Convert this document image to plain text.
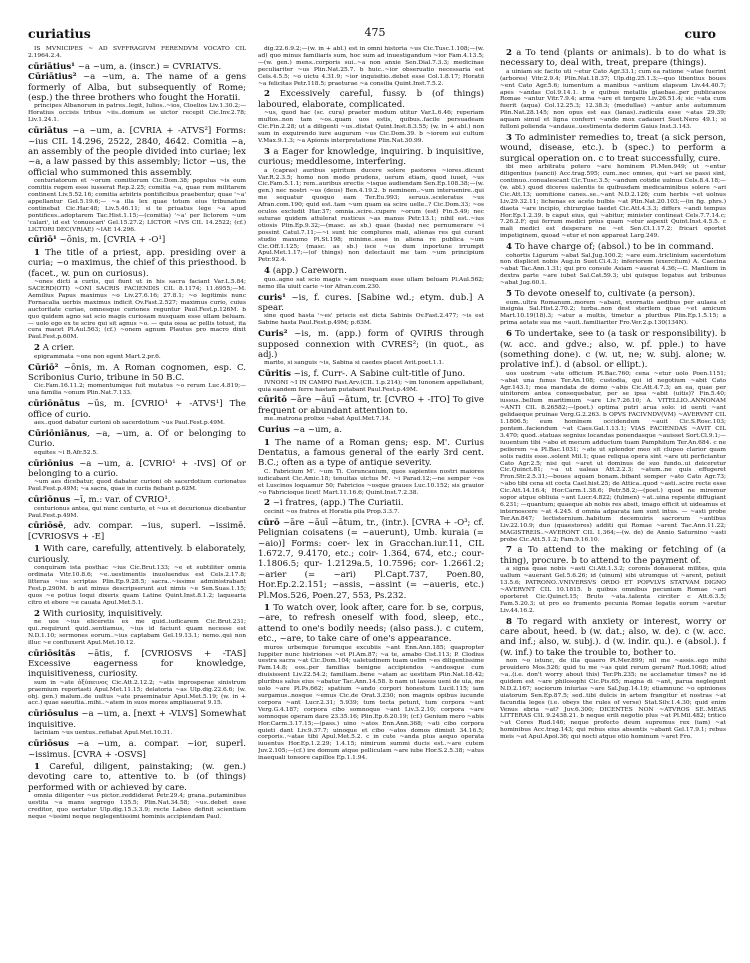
curiatius	475	curo

IS MVNICIPES ~ AD SVFFRAGIVM FERENDVM VOCATO CIL 2.1964.2.4.

cūriātius¹ ~a ~um, a. (inscr.) = CVRIATVS.

Cūriātius² ~a ~um, a. The name of a gens formerly of Alba, but subsequently of Rome; (esp.) the three brothers who fought the Horatii.

principes Albanorum in patres..legit, Iulios..~ios, Cloelios Liv.1.30.2;—Horatius occisis tribus ~iis..domum se uictor recepit Cic.Inv.2.78; Liv.1.24.1.

cūriātus ~a ~um, a. [CVRIA + -ATVS²] Forms: ~ius CIL 14.296, 2522, 2840, 4642. Comitia ~a, an assembly of the people divided into curiae; lex ~a, a law passed by this assembly; lictor ~us, the official who summoned this assembly.

centuriatorum et ~orum comitiorum Cic.Dom.38; populus ~is eum comitiis regem esse iusserat Rep.2.25; comitia ~a, quae rem militarem continent Liv.5.52.16; comitia arbitris pontificibus praebentur, quae '~a' appellantur Gel.5.19.6;— ~a illa lex quae totum eius tribunatum continebat Cic.Har.48; Liv.5.46.11; si te priuatus lege ~a apud pontifices..adoptarem Tac.Hist.1.15;—(comitia) '~a' per lictorem ~um 'calari', id est 'conuocari' Gel.15.27.2; LICTOR ~IVS CIL 14.2522; (cf.) LICTORI DEC(VRIAE) ~IAE 14.296.

cūriō¹ ~ōnis, m. [CVRIA + -O¹]

1 The title of a priest, app. presiding over a curia; ~o maximus, the chief of this priesthood. b (facet., w. pun on curiosus).

~ones dicti a curiis, qui fiunt ut in his sacra faciant Var.L.5.84; SACERD(OTI) ~ONI SACRIS FACIENDIS CIL 8.1174; 11.6955;—M. Aemilius Papus maximus ~o Liv.27.6.16; 27.8.1; ~o legitimis nunc Fornacalia uerbis maximus indicit Ov.Fast.2.527; maximus curio, cuius auctoritate curiae, omnesque curiones reguntur Paul.Fest.p.126M. b quo quidem agno sat scio magis curiosam nusquam esse ullam beluam. — uolo ego ex te scire qui sit agnus ~o. — quia ossa ac pellis totust, ita cura macet Pl.Aul.563; (cf.) ~onem agnum Plautus pro macro dixit Paul.Fest.p.60M.

2 A crier.

epigrammata ~one non egent Mart.2.pr.6.

Cūriō² ~ōnis, m. A Roman cognomen, esp. C. Scribonius Curio, tribune in 50 B.C.

Cic.Fam.16.11.2; momentumque fuit mutatus ~o rerum Luc.4.819;—una familia ~onum Plin.Nat.7.133.

cūriōnātus ~ūs, m. [CVRIO¹ + -ATVS¹] The office of curio.

aes..quod dabatur curioni ob sacerdotium ~us Paul.Fest.p.49M.

Cūriōniānus, ~a, ~um, a. Of or belonging to Curio.

equites ~i B.Afr.52.5.

cūriōnius ~a ~um, a. [CVRIO¹ + -IVS] Of or belonging to a curio.

~um aes dicebatur, quod dabatur curioni ob sacerdotium curionatus Paul.Fest.p.49M; ~a sacra, quae in curiis fiebant p.62M.

cūriōnus ~ī, m.: var. of CVRIO¹.

centurionus antea, qui nunc centurio, et ~us et decurionus dicebantur Paul.Fest.p.49M.

cūriōsē, adv. compar. ~ius, superl. ~issimē. [CVRIOSVS + -E]

1 With care, carefully, attentively. b elaborately, curiously.

conquiram ista posthac ~ius Cic.Brut.133; ~e et subtiliter omnia ordinata Vitr.10.8.6; ~e..uestimentis inuoluendus est Cels.2.17.8; litteras ~ius scriptas Plin.Ep.9.28.5; sacra..~issime administrabant Fest.p.290M. b aut minus descripserunt aut nimis ~e Sen.Suas.1.15; quos ~e potius loqui dixeris quam Latine Quint.Inst.8.1.2; laquearia citro et ebore ~e cauata Apul.Met.5.1.

2 With curiosity, inquisitively.

ne uos ~ius eliceretis ex me quid..iudicarem Cic.Brut.231; qui..requirunt quid..sentiamus, ~ius id faciunt quam necesse est N.D.1.10; sermones eorum..~ius captabam Gel.19.13.1; nemo..qui non illuc ~e confluxerit Apul.Met.10.12.

cūriōsitās ~ātis, f. [CVRIOSVS + -TAS] Excessive eagerness for knowledge, inquisitiveness, curiosity.

sum in ~ate ὀξύπεινος Cic.Att.2.12.2; ~atis inprosperae sinistrum praemium reportasti Apul.Met.11.15; delatoria ~as Ulp.dig.22.6.6; (w. obj. gen.) malum..de uultus ~ate praeminatur Apul.Met.5.19; (w. in + acc.) quae saeuitia..mihi..~atem in suos mores ampliauerat 9.15.

cūriōsulus ~a ~um, a. [next + -VLVS] Somewhat inquisitive.

laciniam ~us uentus..reflabat Apul.Met.10.31.

cūriōsus ~a ~um, a. compar. ~ior, superl. ~issimus. [CVRA + -OSVS]

1 Careful, diligent, painstaking; (w. gen.) devoting care to, attentive to. b (of things) performed with or achieved by care.

omnia diligenter ~us pictor..reddiderat Petr.29.4; grana..putaminibus uestita ~a manu segrego 135.5; Plin.Nat.34.58; ~us..debet esse creditor, quo uertatur Ulp.dig.15.3.3.9; recte Labeo definit scientiam neque ~issimi neque neglegentissimi hominis accipiendam Paul.

dig.22.6.9.2;—(w. in + abl.) est in omni historia ~us Cic.Tusc.1.108;—(w. ad) quo minus familiaris sum, hoc sum ad inuestigandum ~ior Fam.4.13.5;—(w. gen.) mens..corporis sui..~a non anxie Sen.Dial.7.3.3; medicinae peculiariter ~us Plin.Nat.25.7. b huic..~ior obseruatio necessaria est Cels.4.5.5; ~o uictu 4.31.9; ~ior inquisitio..debet esse Col.1.8.17; Horatii ~a felicitas Petr.118.5; praeturae ~a consilia Quint.Inst.7.5.2.

2 Excessively careful, fussy. b (of things) laboured, elaborate, complicated.

~us, quod hac (sc. cura) praeter modum utitur Var.L.6.46; reperiam multos..non tam ~os..quam uos estis, quibus..facile persuadeam Cic.Fin.2.28; ut a diligenti ~us..distat Quint.Inst.8.3.55; (w. in + abl.) non sum in exquirendo iure augurum ~us Cic.Dom.39. b ~iorem sui cultum V.Max.9.1.3; ~a Apionis interpretatione Plin.Nat.30.99.

3 a Eager for knowledge, inquiring. b inquisitive, curious; meddlesome, interfering.

a (capras) auribus spiritum ducere solere pastores ~iores..dicunt Var.R.2.3.5; homo non modo prudens, uerum etiam, quod iuuet, ~us Cic.Fam.5.1.1; rem..auribus erectis ~isque audiendam Sen.Ep.108.38;—(w. gen.) nec nostri ~us (deus) Ben.4.19.2. b neminem..~um interuenire..qui me sequatur quoquo eam Ter.Eu.993; seruus..sceleratus ~us Afran.com.190; quid est..tam ~um quam ea scire uelle..? Cic.Dom.33; ~os oculos excludit Har.37; omnia..scire..cupere ~orum (est) Fin.5.49; nec suturae quidem attulerat rusticus ~as manus Petr.13.1; nihil est..~ius otiosis Plin.Ep.9.32;—(masc. as sb.) quae (basia) nec pernumerare ~i possint Catul.7.11;—~i sunt hic complures mali, alienas res qui curant studio maxumo Pl.St.198; minime..esse in aliena re publica ~um Cic.Off.1.125; (masc. as sb.) isce ~us dum inportune irrumpit Apul.Met.1.17;—(of things) non delectauit me tam ~um principium Petr.92.4.

4 (app.) Careworn.

quo..agno sat scio magis ~am nusquam esse ullam beluam Pl.Aul.562; nemo illa uiuit carie ~ior Afran.com.230.

curis¹ ~is, f. cures. [Sabine wd.; etym. dub.] A spear.

sine quod hasta '~es' priscis est dicta Sabinis Ov.Fast.2.477; ~is est Sabine hasta Paul.Fest.p.49M; p.63M.

Curis² ~is, m. (app.) form of QVIRIS through supposed connexion with CVRES²; (in quot., as adj.)

marite, si sanguis ~is, Sabina si caedes placet Avit.poet.1.1.

Cūritis ~is, f. Curr-. A Sabine cult-title of Juno.

IVNONI ~I IN CAMPO Fast.Arv.(CIL 1.p.214); ~im Iunonem appellabant, quia eandem ferre hastam putabant Paul.Fest.p.49M.

cūritō ~āre ~āuī ~ātum, tr. [CVRO + -ITO] To give frequent or abundant attention to.

me..matrona prolixe ~abat Apul.Met.7.14.

Curius ~a ~um, a.

1 The name of a Roman gens; esp. M'. Curius Dentatus, a famous general of the early 3rd cent. B.C.; often as a type of antique severity.

C. Fabricium M'. ~um Ti. Coruncanium, quos sapientes nostri maiores iudicabant Cic.Amic.18; tenuitas uictus M'. ~i Parad.12;—ne semper ~os et Luscinos loquamur 50; Fabricios ~osque graues Luc.10.152; sis grauior ~o Fabricioque licet! Mart.11.16.6; Quint.Inst.7.2.38.

2 ~i fratres, (app.) The Curiatii.

cecinit ~os fratres et Horatia pila Prop.3.3.7.

cūrō ~āre ~āuī ~ātum, tr., (intr.). [CVRA + -O³; cf. Pelignian coisatens (= ~auerunt), Umb. kuraia (= ~aio)] Forms: coer- lex in Gracchan.iur.11, CIL 1.672.7, 9.4170, etc.; coir- 1.364, 674, etc.; cour- 1.1806.5; qur- 1.2129a.5, 10.7596; cor- 1.2661.2; ~arier (= ~ari) Pl.Capt.737, Poen.80, Hor.Ep.2.2.151; ~assis, ~assint (= ~aueris, etc.) Pl.Mos.526, Poen.27, 553, Ps.232.

1 To watch over, look after, care for. b se, corpus, ~are, to refresh oneself with food, sleep, etc., attend to one's bodily needs; (also pass.). c cutem, etc., ~are, to take care of one's appearance.

muros urbemque forumque excubiis ~ant Enn.Ann.185; quapropter Iuppiter nunc histriones ~et Pl.Am.87; ~a te, amabo Cist.113; P. Clodius uestra sacra ~at Cic.Dom.104; ualetudinem tuam uelim ~es diligentissime Fam.14.8; eos..per familias benigne accipiendos ~andosque cum diuisissent Liv.22.54.2; familiam..bene ~atam ac uestitam Plin.Nat.18.42; pluribus salus eius ~abatur Tac.Ann.14.58. b nam ut lassus ueni de uia, me uolo ~are Pl.Ps.662; spatium ~ando corpori honestum Lucil.115; iam surgamus..nosque ~emus Cic.de Orat.3.230; non magnis opibus iucunde corpora ~ant Lucr.2.31; 5.939; tum tecta petunt, tum corpora ~ant Verg.G.4.187; corpora cibo somnoque ~ant Liv.3.2.10; corpora ~are somnoque operam dare 23.35.16; Plin.Ep.6.20.19; (cf.) Genium mero ~abis Hor.Carm.3.17.15;—(pass.) uino ~atos Enn.Ann.368; ~ati cibo corpora quieti dant Liv.9.37.7; uinoque et cibo ~atos domos dimisit 34.16.5; corporis..~atae tibi Apul.Met.5.2. c in cute ~anda plus aequo operata iuuentus Hor.Ep.1.2.29; 1.4.15; nimirum summi ducis est..~are cutem Juv.2.105;—(cf.) ire domum atque pelliculam ~are iube Hor.S.2.5.38; ~atus inaequali tonsore capillos Ep.1.1.94.

2 a To tend (plants or animals). b to do what is necessary to, deal with, treat, prepare (things).

a uiniam sic facito uti ~etur Cato Agr.33.1; cum ea ratione ~atae fuerint (arbores) Vitr.2.9.4; Plin.Nat.18.37; Ulp.dig.25.1.3;—quo libentius boues ~ent Cato Agr.5.6; iumentum a manibus ~antium elapsum Liv.44.40.7; apes ~andas Col.9.14.1. b e quibus metallis glaebae..per publicanos Romae ~antur Vitr.7.9.4; arma ~are et tergere Liv.26.51.4; sic ~ata cum fuerit (aqua) Col.12.25.3; 12.38.3; (medullae) ~antur ante autumnum Plin.Nat.28.145; non opus est eas (lanas)..radicula esse ~atas 29.39; aquam simul et ligna conferri ~ando mox cadaueri Suet.Nero 49.1; si fulloni polienda ~andaue..uestimenta dederim Gaius Inst.3.143.

3 To administer remedies to, treat (a sick person, wound, disease, etc.). b (spec.) to perform a surgical operation on. c to treat successfully, cure.

ibi meo arbitratu potero ~are hominem Pl.Men.949; ut ~entur diligentius (sancii) Acc.trag.595; cum..nec omnes, qui ~ari se passi sint, continuo..conualescant Cic.Tusc.3.5; ~andum cotidie uulnus Cels.8.4.18;—(w. abl.) quod diceres ualentis te quibusdam medicaminibus solere ~ari Cic.Att.13; uomitione canes..se..~ant N.D.2.126; cum herbis ~et uolnus Liv.29.32.11; lichenas ex aceto bulbis ~at Plin.Nat.20.103;—(in fig. phrs.) diaeta ~are incipio, chirurgiae taedet Cic.Att.4.3.3; differs ~andi tempus Hor.Ep.1.2.39. b caput eius, qui ~abitur, minister contineat Cels.7.7.14.c; 7.26.2.F; qui ferrum medici prius quam ~etur aspexit Quint.Inst.4.5.5. c mali medici est desperare ne ~et Sen.Cl.1.17.2; fricari oportet impetiginem, quoad ~etur et non appareat Larg.249.

4 To have charge of; (absol.) to be in command.

cohortis Ligurum ~abat Sal.Jug.100.2; ~are eum..triclinium sacerdotum non displicet nobis Aug.in Suet.Cl.4.3; inferiorem (exercitum) A. Caecina ~abat Tac.Ann.1.31; qui pro consule Asiam ~auerat 4.36;—C. Manlium in dextra parte ~are iubet Sal.Cat.59.3; ubi quisque legatus aut tribunus ~abat Jug.60.1.

5 To devote oneself to, cultivate (a person).

eum..ultra Romanum..morem ~abant, exornatis aedibus per aulaea et insignia Sal.Hist.2.70.2; turba..non dest sterilem quae ~et amicum Mart.10.19(18).3; ~atur a multis, timetur a pluribus Plin.Ep.1.5.15; a prima aetate sua me ~auit..familiariter Fro.Ver.2.p.130(134N).

6 To undertake, see to (a task or responsibility). b (w. acc. and gdve.; also, w. pf. pple.) to have (something done). c (w. ut, ne; w. subj. alone; w. prolative inf.). d (absol. or ellipt.).

uos uostrum ~ate officium Pl.Bac.760; cena ~etur uolo Poen.1151; ~abat una funus Ter.An.108; custodia, qui id negotium ~abit Cato Agr.143.1; mea mandata de domo ~abis Cic.Att.4.7.3; an ea, quae per uinitorem antea consequebatur, per se ipsa ~abit (uitis)? Fin.5.40; iussus..bellum maritimum ~are Liv.7.26.10; A. VITELLIO..ANNONAM ~ANTI CIL 8.26582;—(poet.) optima putri arua solo: id uenti ~ant gelidaeque pruinae Verg.G.2.263. b OPVS FACIVNDV(VM) ~AVERVNT CIL 1.1806.5; eum hominem occidendum ~auit Cic.S.Rosc.103; pontem..faciendum ~at Caes.Gal.1.13.1; VIAS FACIENDAS ~AVIT CIL 3.470; quod..statuas segnius locandas ponendasque ~auisset Sort.Cl.9.1;—iuuentum tibi ~abo et mecum adductum tuam Pamphilum Ter.An.684. c ne peiierem ~a Pl.Bac.1031; ~ate ut splendor meo sit clupeo clarior quam solis radiis esse..solent Mil.1; quae reliqua opera sint ~are uti perficiantur Cato Agr.2.5; nisi qui ~aret ut dominus de suo fundo..ui deiceretur Cic.Quinct.81; ~a ut ualeas Att.2.2.3; ~atum..ne quis effugeret Fron.Str.2.5.31;—boues aquam bonam..bibant semper ~ato Cato Agr.73; ~abo tibi cena sit cocta Cael.hist.25; de Attica..quod ~asti..scire recte esse Cic.Att.14.16.4; Hor.Carm.1.38.6; Petr.58.2;—(poet.) quod ne miremur sopor atque obliuia ~ant Lucr.4.822; (fulmen) ~at..uina repente diffugiant 6.231; —quantum; quaeque ab nobis res absit, imago efficit ut uideamus et internoscere ~at 4.245. d omnia adparata iam sunt intus. — ~asti probe Ter.An.847; lectisternium..habitum decemuiris sacrorum ~antibus Liv.22.10.9; duo (quaestores) additi qui Romae ~arent Tac.Ann.11.22; MAGISTREIS..~AVERONT CIL 1.364;—(w. de) de Annio Saturnino ~asti probe Cic.Att.5.1.2; Fam.9.16.10.

7 a To attend to the making or fetching of (a thing), procure. b to attend to the payment of.

a signa quae nobis ~asti Ci.Att.1.3.2; coronis donauerat milites, quia uallum ~auerant Gel.5.6.26; id (uinum) sibi utrumque ut ~arent, petiuit 13.5.6; PATRONO..VNIVERSVS ORDO ET POPVLVS STATVAM DIGNO ~AVERVNT CIL 10.1815. b quibus omnibus pecuniam Romae ~ari oporteret Cic.Quinct.15; Bruto ~ata..talenta circiter c Att.6.3.5; Fam.5.20.3; ut pro eo frumento pecunia Romae legatis eorum ~aretur Liv.44.16.2.

8 To regard with anxiety or interest, worry or care about, heed. b (w. dat.; also, w. de). c (w. acc. and inf.; also, w. subj.). d (w. indir. qu.). e (absol.). f (w. inf.) to take the trouble to, bother to.

non ~o istunc, de illa quaero Pl.Mer.899; nil me ~assis..ego mihi prouidero Mos.526; quid tu me ~as quid rerum geram? Rud.1068; aliud ~a..(i.e. don't worry about this) Ter.Ph.235; ne acclametur times? ne id quidem est ~are philosophi Cic.Pis.65; magna di ~ant, parua neglegunt N.D.2.167; sociorum iniurias ~are Sal.Jug.14.19; etiamnunc ~o opiniones uiatorum Sen.Ep.87.5; sed..tibi dulcis in artem frangitur et nostras ~at facundia leges (i.e. obeys the rules of verse) Stat.Silv.1.4.30; quid enim Venus ebria ~at? Juv.6.300; DICENTES NON ~ATVROS SE..MEAS LITTERAS CIL 9.2438.21. b neque erili negotio plus ~at Pl.Mil.482; tritico ~at Ceres Rud.146; neque profecto deum supremus rex (iam) ~at hominibus Acc.trag.143; qui rebus eius absentis ~abant Gel.17.9.1; rebus meis ~at Apul.Apol.36; qui nocti atque otio hominum ~aret Fro.
